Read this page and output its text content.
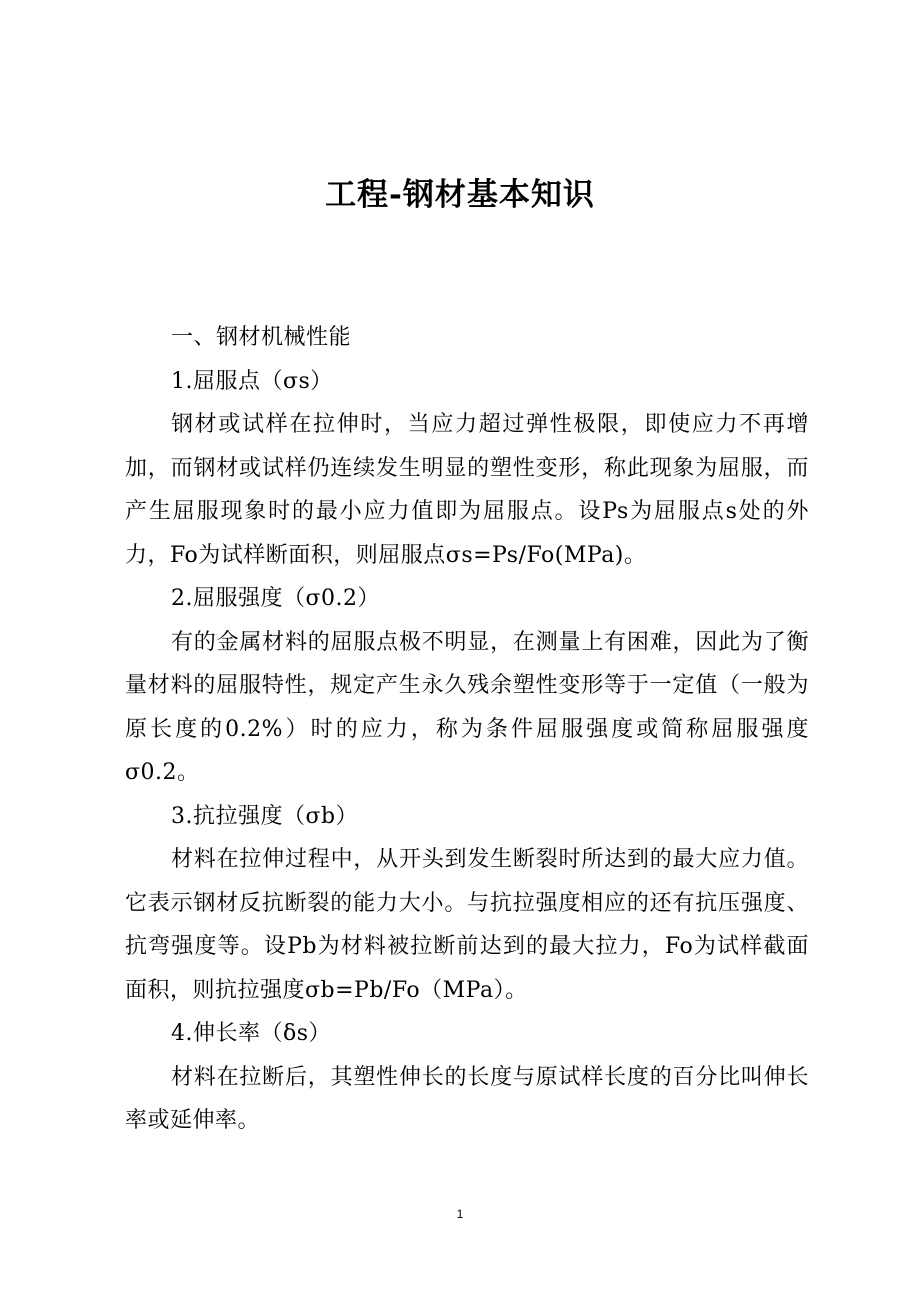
工程-钢材基本知识

一、钢材机械性能

1.屈服点（σs）

钢材或试样在拉伸时，当应力超过弹性极限，即使应力不再增加，而钢材或试样仍连续发生明显的塑性变形，称此现象为屈服，而产生屈服现象时的最小应力值即为屈服点。设Ps为屈服点s处的外力，Fo为试样断面积，则屈服点σs=Ps/Fo(MPa)。

2.屈服强度（σ0.2）

有的金属材料的屈服点极不明显，在测量上有困难，因此为了衡量材料的屈服特性，规定产生永久残余塑性变形等于一定值（一般为原长度的0.2%）时的应力，称为条件屈服强度或简称屈服强度σ0.2。

3.抗拉强度（σb）

材料在拉伸过程中，从开头到发生断裂时所达到的最大应力值。它表示钢材反抗断裂的能力大小。与抗拉强度相应的还有抗压强度、抗弯强度等。设Pb为材料被拉断前达到的最大拉力，Fo为试样截面面积，则抗拉强度σb=Pb/Fo（MPa）。

4.伸长率（δs）

材料在拉断后，其塑性伸长的长度与原试样长度的百分比叫伸长率或延伸率。

1
